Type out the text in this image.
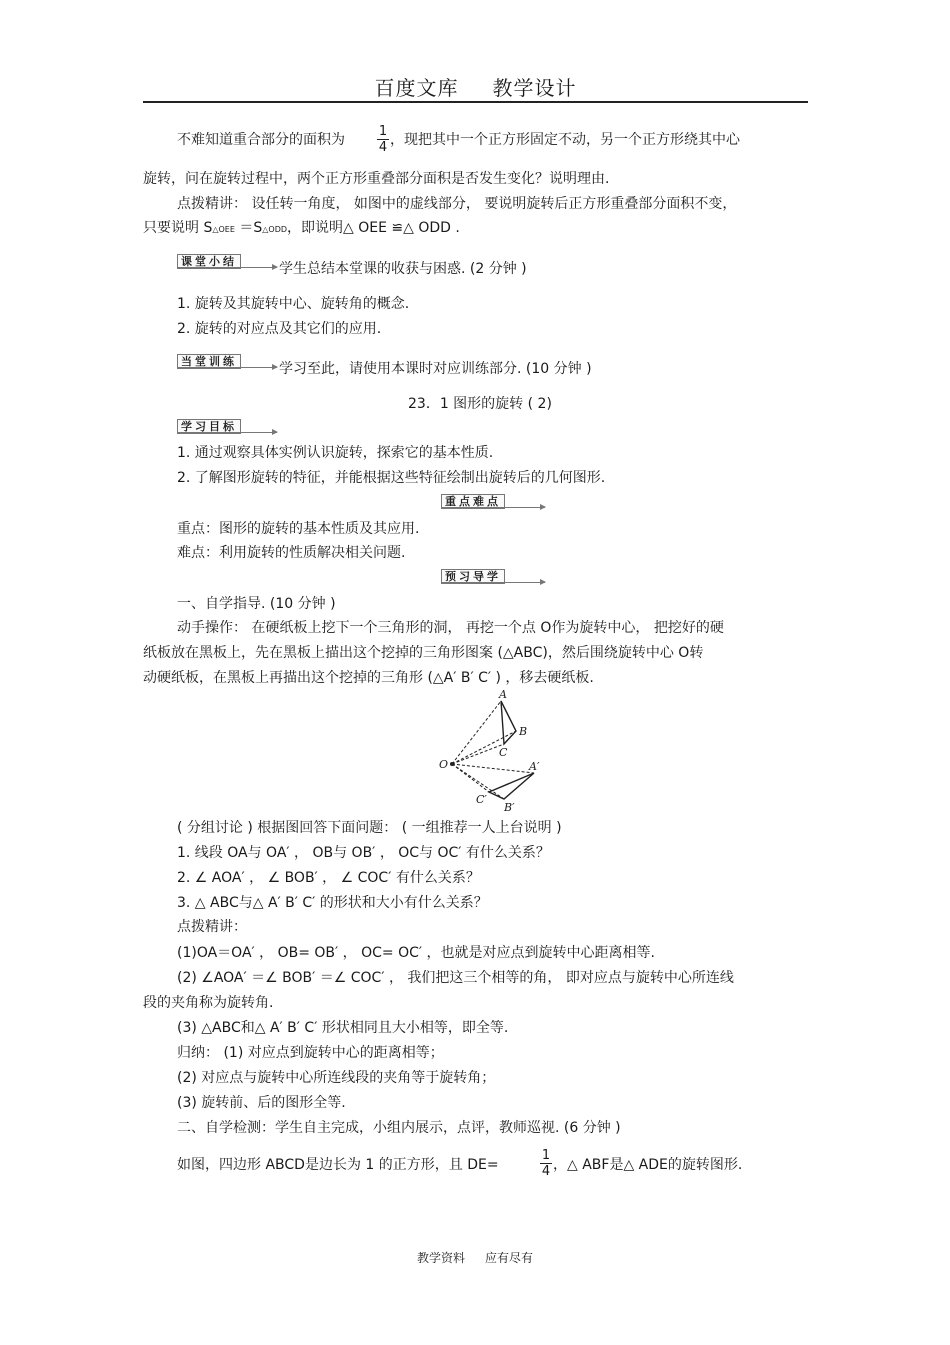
百度文库 教学设计
不难知道重合部分的面积为
1
4 ，现把其中一个正方形固定不动，另一个正方形绕其中心
旋转，问在旋转过程中，两个正方形重叠部分面积是否发生变化？说明理由.
点拨精讲： 设任转一角度， 如图中的虚线部分， 要说明旋转后正方形重叠部分面积不变，
只要说明 S△OEE ＝S△ODD，即说明△ OEE ≌△ ODD .
课堂小结	学生总结本堂课的收获与困惑. (2 分钟 )
1. 旋转及其旋转中心、旋转角的概念.
2. 旋转的对应点及其它们的应用.
当堂训练	学习至此，请使用本课时对应训练部分. (10 分钟 )
23．1 图形的旋转 ( 2)
学习目标
1. 通过观察具体实例认识旋转，探索它的基本性质.
2. 了解图形旋转的特征，并能根据这些特征绘制出旋转后的几何图形.
重点难点
重点：图形的旋转的基本性质及其应用.
难点：利用旋转的性质解决相关问题.
预习导学
一、自学指导. (10 分钟 )
动手操作： 在硬纸板上挖下一个三角形的洞， 再挖一个点 O作为旋转中心， 把挖好的硬
纸板放在黑板上，先在黑板上描出这个挖掉的三角形图案 (△ABC)，然后围绕旋转中心 O转
动硬纸板，在黑板上再描出这个挖掉的三角形 (△A′ B′ C′ ) ，移去硬纸板.
O
A
B
C
A′
B′
C′
( 分组讨论 ) 根据图回答下面问题： ( 一组推荐一人上台说明 )
1. 线段 OA与 OA′ ， OB与 OB′ ， OC与 OC′ 有什么关系？
2. ∠ AOA′ ， ∠ BOB′ ， ∠ COC′ 有什么关系？
3. △ ABC与△ A′ B′ C′ 的形状和大小有什么关系？
点拨精讲：
(1)OA＝OA′ ， OB= OB′ ， OC= OC′ ，也就是对应点到旋转中心距离相等.
(2) ∠AOA′ ＝∠ BOB′ ＝∠ COC′ ， 我们把这三个相等的角， 即对应点与旋转中心所连线
段的夹角称为旋转角.
(3) △ABC和△ A′ B′ C′ 形状相同且大小相等，即全等.
归纳： (1) 对应点到旋转中心的距离相等；
(2) 对应点与旋转中心所连线段的夹角等于旋转角；
(3) 旋转前、后的图形全等.
二、自学检测：学生自主完成，小组内展示，点评，教师巡视. (6 分钟 )
如图，四边形 ABCD是边长为 1 的正方形，且 DE=
1
4 ，△ ABF是△ ADE的旋转图形.
教学资料 应有尽有
